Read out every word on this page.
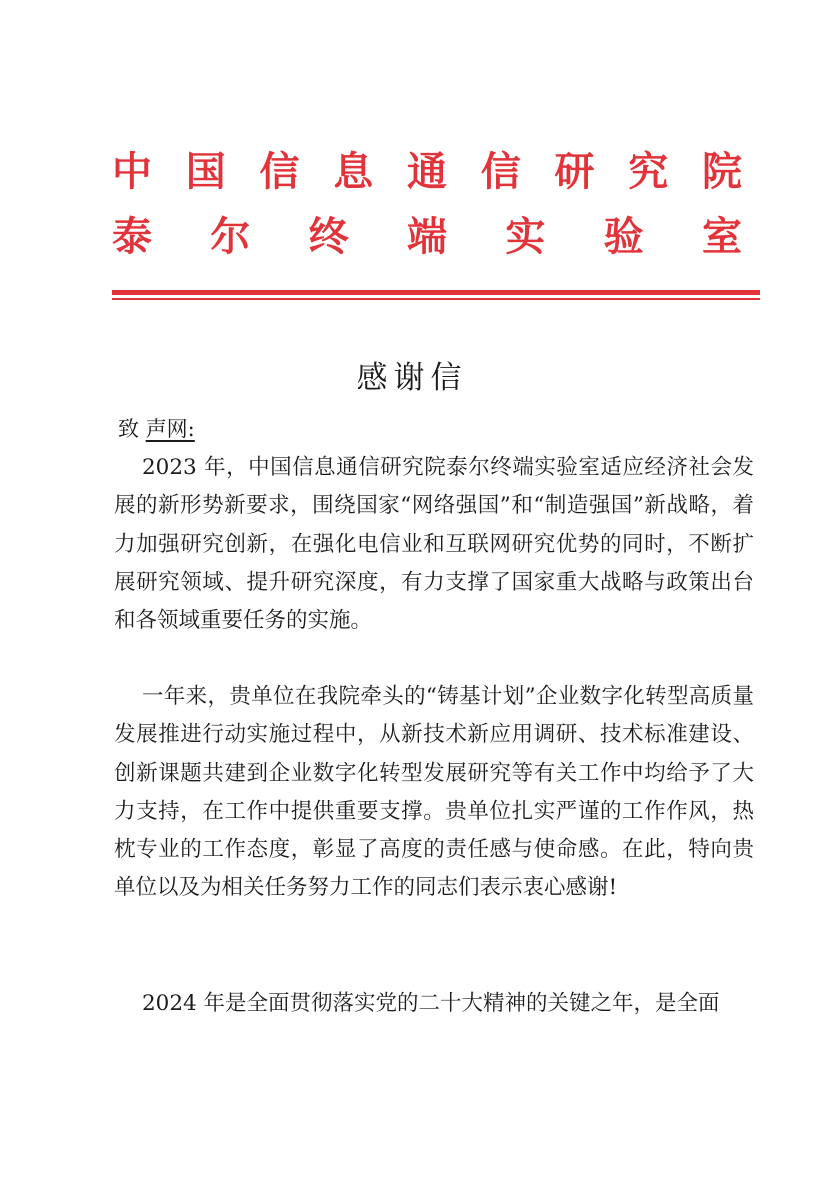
中 国 信 息 通 信 研 究 院
泰 尔 终 端 实 验 室
感谢信
致 声网:

2023 年，中国信息通信研究院泰尔终端实验室适应经济社会发展的新形势新要求，围绕国家“网络强国”和“制造强国”新战略，着力加强研究创新，在强化电信业和互联网研究优势的同时，不断扩展研究领域、提升研究深度，有力支撑了国家重大战略与政策出台和各领域重要任务的实施。

一年来，贵单位在我院牵头的“铸基计划”企业数字化转型高质量发展推进行动实施过程中，从新技术新应用调研、技术标准建设、创新课题共建到企业数字化转型发展研究等有关工作中均给予了大力支持，在工作中提供重要支撑。贵单位扎实严谨的工作作风，热枕专业的工作态度，彰显了高度的责任感与使命感。在此，特向贵单位以及为相关任务努力工作的同志们表示衷心感谢!

2024 年是全面贯彻落实党的二十大精神的关键之年，是全面
